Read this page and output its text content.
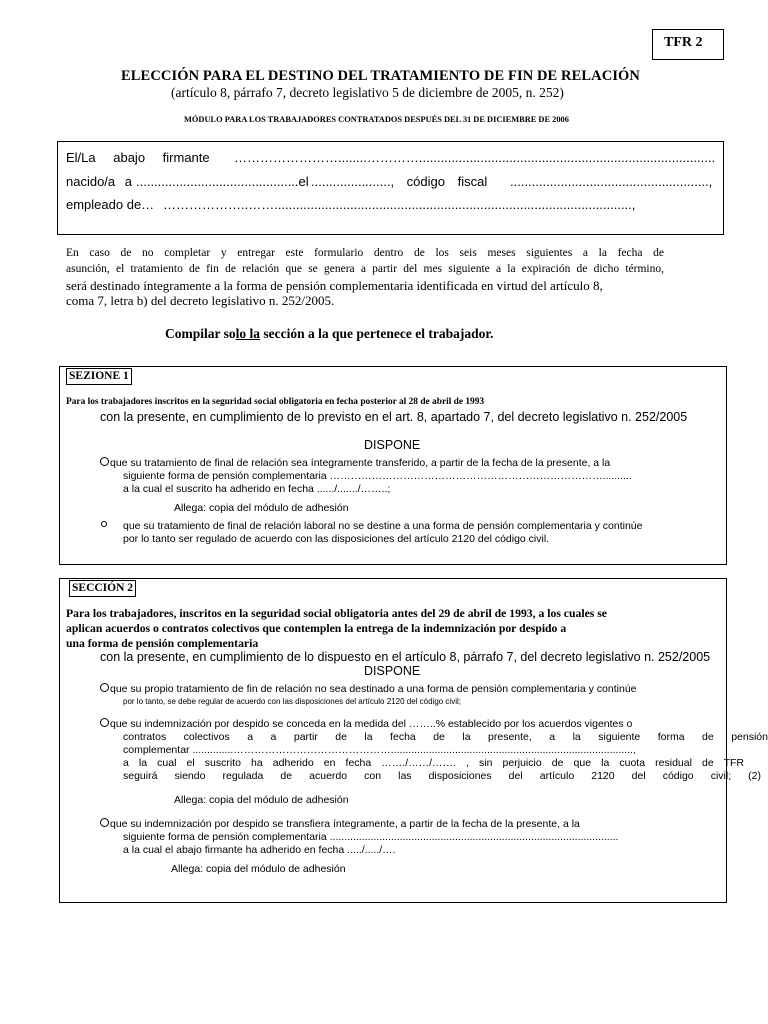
TFR 2
ELECCIÓN PARA EL DESTINO DEL TRATAMIENTO DE FIN DE RELACIÓN
(artículo 8, párrafo 7, decreto legislativo 5 de diciembre de 2005, n. 252)
MÓDULO PARA LOS TRABAJADORES CONTRATADOS DESPUÉS DEL 31 DE DICIEMBRE DE 2006
El/La abajo firmante ……………………........…………..................................................................................
nacido/a a .............................................el ......................, código fiscal .......................................................,
empleado de… ………………..……...................................................................................................,
En caso de no completar y entregar este formulario dentro de los seis meses siguientes a la fecha de
asunción, el tratamiento de fin de relación que se genera a partir del mes siguiente a la expiración de dicho término,
será destinado íntegramente a la forma de pensión complementaria identificada en virtud del artículo 8,
coma 7, letra b) del decreto legislativo n. 252/2005.
Compilar solo la sección a la que pertenece el trabajador.
SEZIONE 1
Para los trabajadores inscritos en la seguridad social obligatoria en fecha posterior al 28 de abril de 1993
con la presente, en cumplimiento de lo previsto en el art. 8, apartado 7, del decreto legislativo n. 252/2005
DISPONE
que su tratamiento de final de relación sea íntegramente transferido, a partir de la fecha de la presente, a la
siguiente forma de pensión complementaria ……………………………………………………………………..........
a la cual el suscrito ha adherido en fecha ....../......./……..;
Allega: copia del módulo de adhesión
que su tratamiento de final de relación laboral no se destine a una forma de pensión complementaria y continúe
por lo tanto ser regulado de acuerdo con las disposiciones del artículo 2120 del código civil.
SECCIÓN 2
Para los trabajadores, inscritos en la seguridad social obligatoria antes del 29 de abril de 1993, a los cuales se
aplican acuerdos o contratos colectivos que contemplen la entrega de la indemnización por despido a
una forma de pensión complementaria
con la presente, en cumplimiento de lo dispuesto en el artículo 8, párrafo 7, del decreto legislativo n. 252/2005
DISPONE
que su propio tratamiento de fin de relación no sea destinado a una forma de pensión complementaria y continúe
por lo tanto, se debe regular de acuerdo con las disposiciones del artículo 2120 del código civil;
que su indemnización por despido se conceda en la medida del ……..% establecido por los acuerdos vigentes o
contratos colectivos a a partir de la fecha de la presente, a la siguiente forma de pensión
complementar ..............………………………………………...................................................................................,
a la cual el suscrito ha adherido en fecha ……./……/……. , sin perjuicio de que la cuota residual de TFR
seguirá siendo regulada de acuerdo con las disposiciones del artículo 2120 del código civil; (2)
Allega: copia del módulo de adhesión
que su indemnización por despido se transfiera íntegramente, a partir de la fecha de la presente, a la
siguiente forma de pensión complementaria ...................................................................................................
a la cual el abajo firmante ha adherido en fecha ...../...../….
Allega: copia del módulo de adhesión
